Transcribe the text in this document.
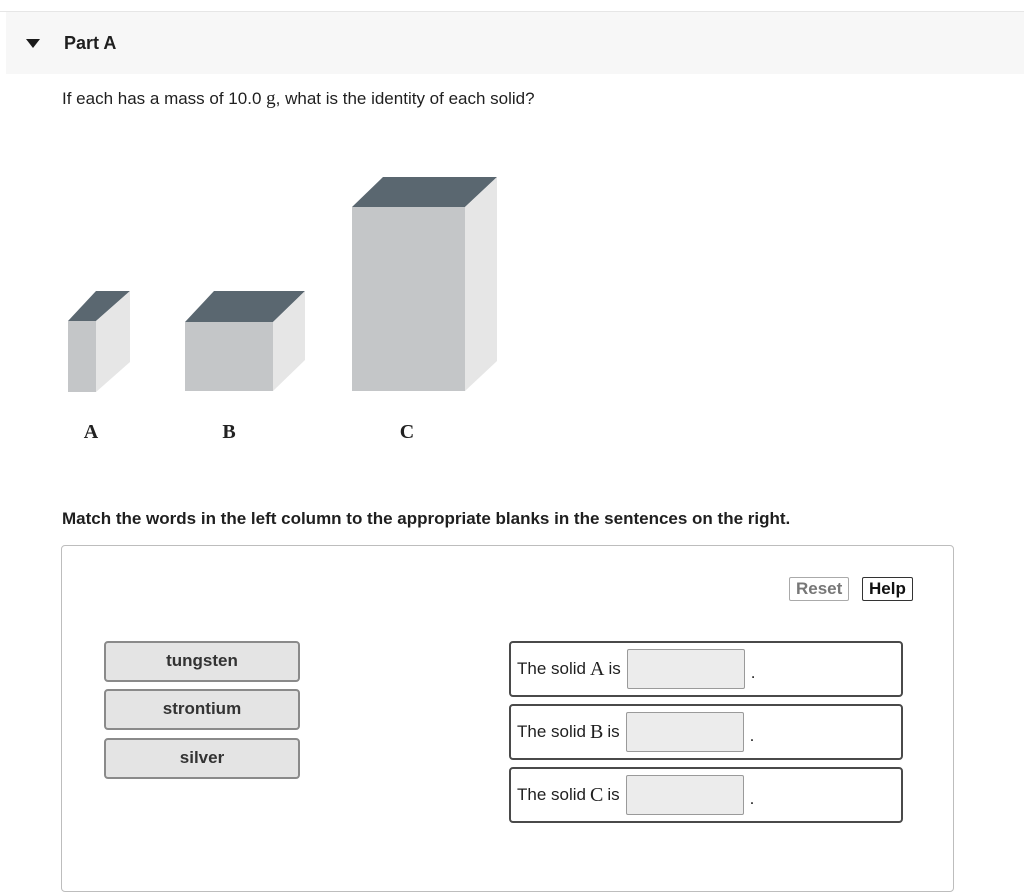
Part A
If each has a mass of 10.0 g, what is the identity of each solid?
A	B	C
Match the words in the left column to the appropriate blanks in the sentences on the right.
Reset	Help
tungsten
strontium
silver
The solid A is	.
The solid B is	.
The solid C is	.
